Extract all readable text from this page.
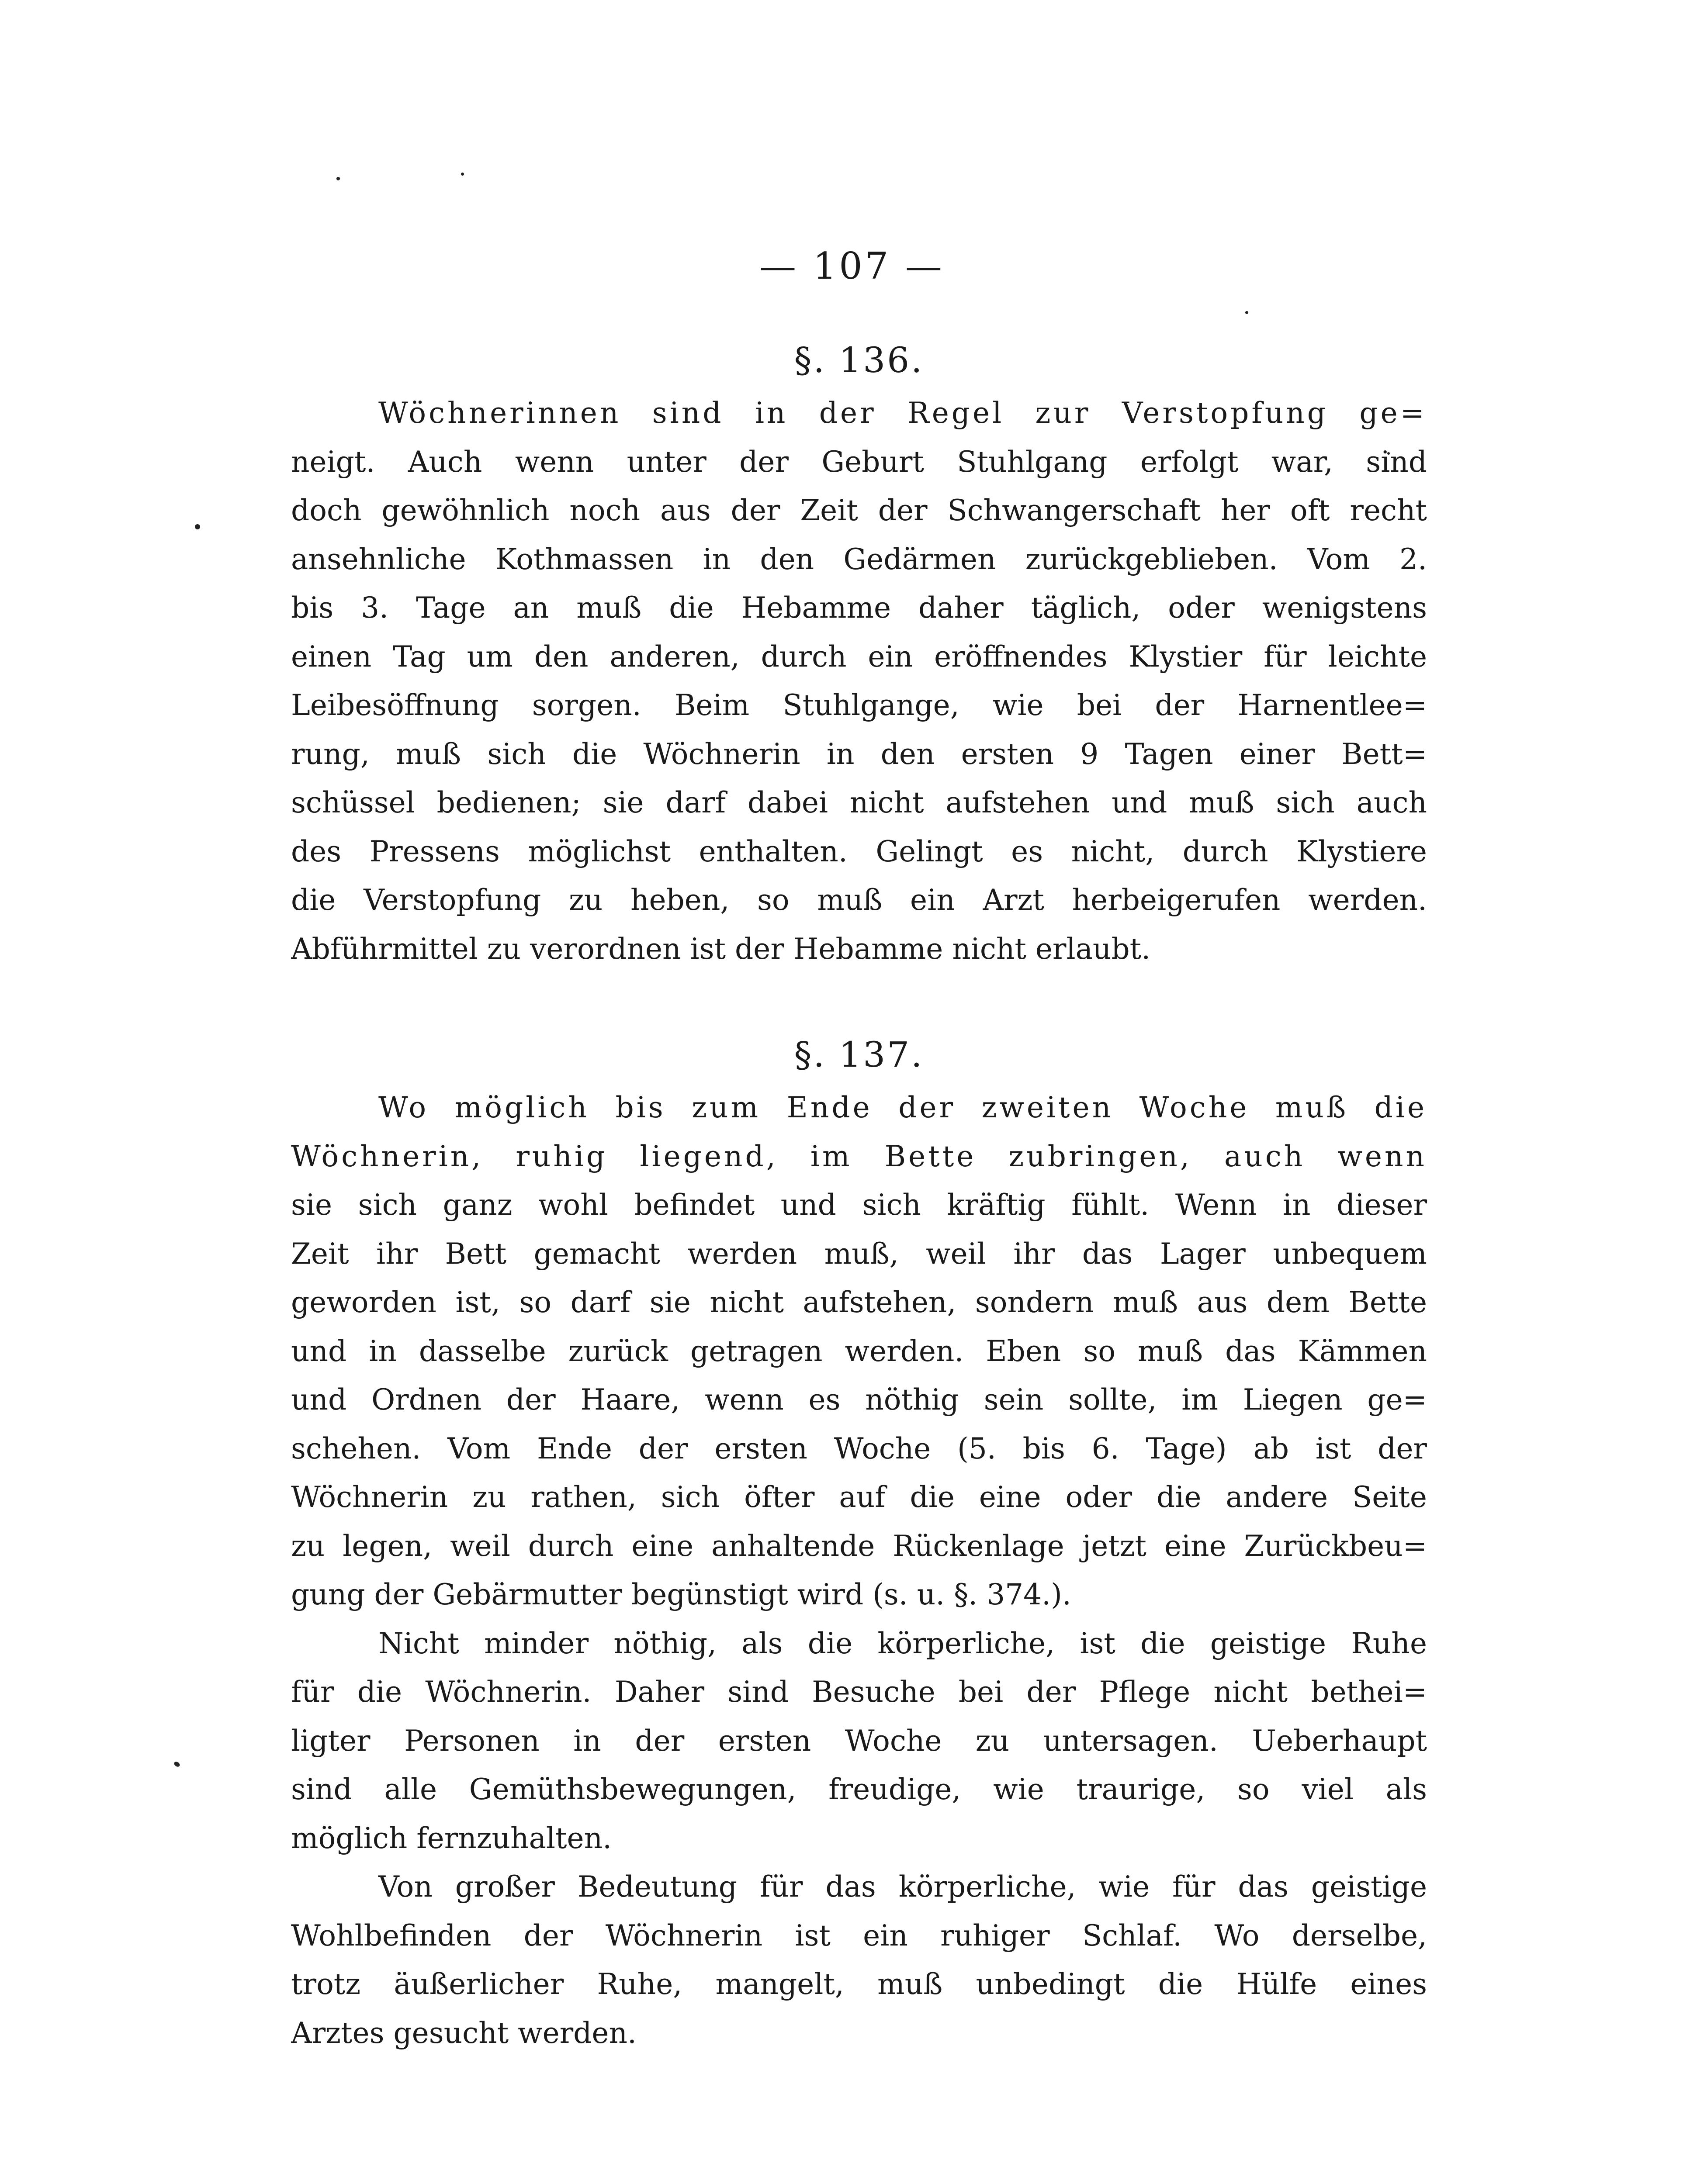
— 107 —
§. 136.
Wöchnerinnen sind in der Regel zur Verstopfung ge=
neigt. Auch wenn unter der Geburt Stuhlgang erfolgt war, sind
doch gewöhnlich noch aus der Zeit der Schwangerschaft her oft recht
ansehnliche Kothmassen in den Gedärmen zurückgeblieben. Vom 2.
bis 3. Tage an muß die Hebamme daher täglich, oder wenigstens
einen Tag um den anderen, durch ein eröffnendes Klystier für leichte
Leibesöffnung sorgen. Beim Stuhlgange, wie bei der Harnentlee=
rung, muß sich die Wöchnerin in den ersten 9 Tagen einer Bett=
schüssel bedienen; sie darf dabei nicht aufstehen und muß sich auch
des Pressens möglichst enthalten. Gelingt es nicht, durch Klystiere
die Verstopfung zu heben, so muß ein Arzt herbeigerufen werden.
Abführmittel zu verordnen ist der Hebamme nicht erlaubt.
§. 137.
Wo möglich bis zum Ende der zweiten Woche muß die
Wöchnerin, ruhig liegend, im Bette zubringen, auch wenn
sie sich ganz wohl befindet und sich kräftig fühlt. Wenn in dieser
Zeit ihr Bett gemacht werden muß, weil ihr das Lager unbequem
geworden ist, so darf sie nicht aufstehen, sondern muß aus dem Bette
und in dasselbe zurück getragen werden. Eben so muß das Kämmen
und Ordnen der Haare, wenn es nöthig sein sollte, im Liegen ge=
schehen. Vom Ende der ersten Woche (5. bis 6. Tage) ab ist der
Wöchnerin zu rathen, sich öfter auf die eine oder die andere Seite
zu legen, weil durch eine anhaltende Rückenlage jetzt eine Zurückbeu=
gung der Gebärmutter begünstigt wird (s. u. §. 374.).
Nicht minder nöthig, als die körperliche, ist die geistige Ruhe
für die Wöchnerin. Daher sind Besuche bei der Pflege nicht bethei=
ligter Personen in der ersten Woche zu untersagen. Ueberhaupt
sind alle Gemüthsbewegungen, freudige, wie traurige, so viel als
möglich fernzuhalten.
Von großer Bedeutung für das körperliche, wie für das geistige
Wohlbefinden der Wöchnerin ist ein ruhiger Schlaf. Wo derselbe,
trotz äußerlicher Ruhe, mangelt, muß unbedingt die Hülfe eines
Arztes gesucht werden.
